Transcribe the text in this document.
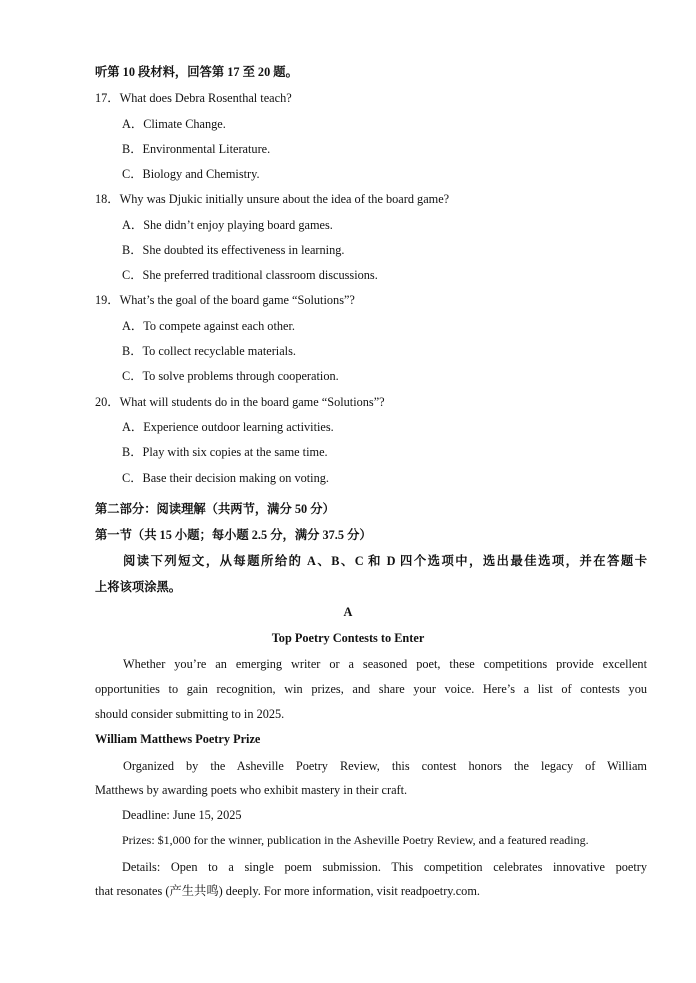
听第 10 段材料，回答第 17 至 20 题。
17．What does Debra Rosenthal teach?
A．Climate Change.
B．Environmental Literature.
C．Biology and Chemistry.
18．Why was Djukic initially unsure about the idea of the board game?
A．She didn’t enjoy playing board games.
B．She doubted its effectiveness in learning.
C．She preferred traditional classroom discussions.
19．What’s the goal of the board game “Solutions”?
A．To compete against each other.
B．To collect recyclable materials.
C．To solve problems through cooperation.
20．What will students do in the board game “Solutions”?
A．Experience outdoor learning activities.
B．Play with six copies at the same time.
C．Base their decision making on voting.
第二部分：阅读理解（共两节，满分 50 分）
第一节（共 15 小题；每小题 2.5 分，满分 37.5 分）
阅读下列短文，从每题所给的 A、B、C 和 D 四个选项中，选出最佳选项，并在答题卡
上将该项涂黑。
A
Top Poetry Contests to Enter
Whether you’re an emerging writer or a seasoned poet, these competitions provide excellent
opportunities to gain recognition, win prizes, and share your voice. Here’s a list of contests you
should consider submitting to in 2025.
William Matthews Poetry Prize
Organized by the Asheville Poetry Review, this contest honors the legacy of William
Matthews by awarding poets who exhibit mastery in their craft.
Deadline: June 15, 2025
Prizes: $1,000 for the winner, publication in the Asheville Poetry Review, and a featured reading.
Details: Open to a single poem submission. This competition celebrates innovative poetry
that resonates (产生共鸣) deeply. For more information, visit readpoetry.com.
